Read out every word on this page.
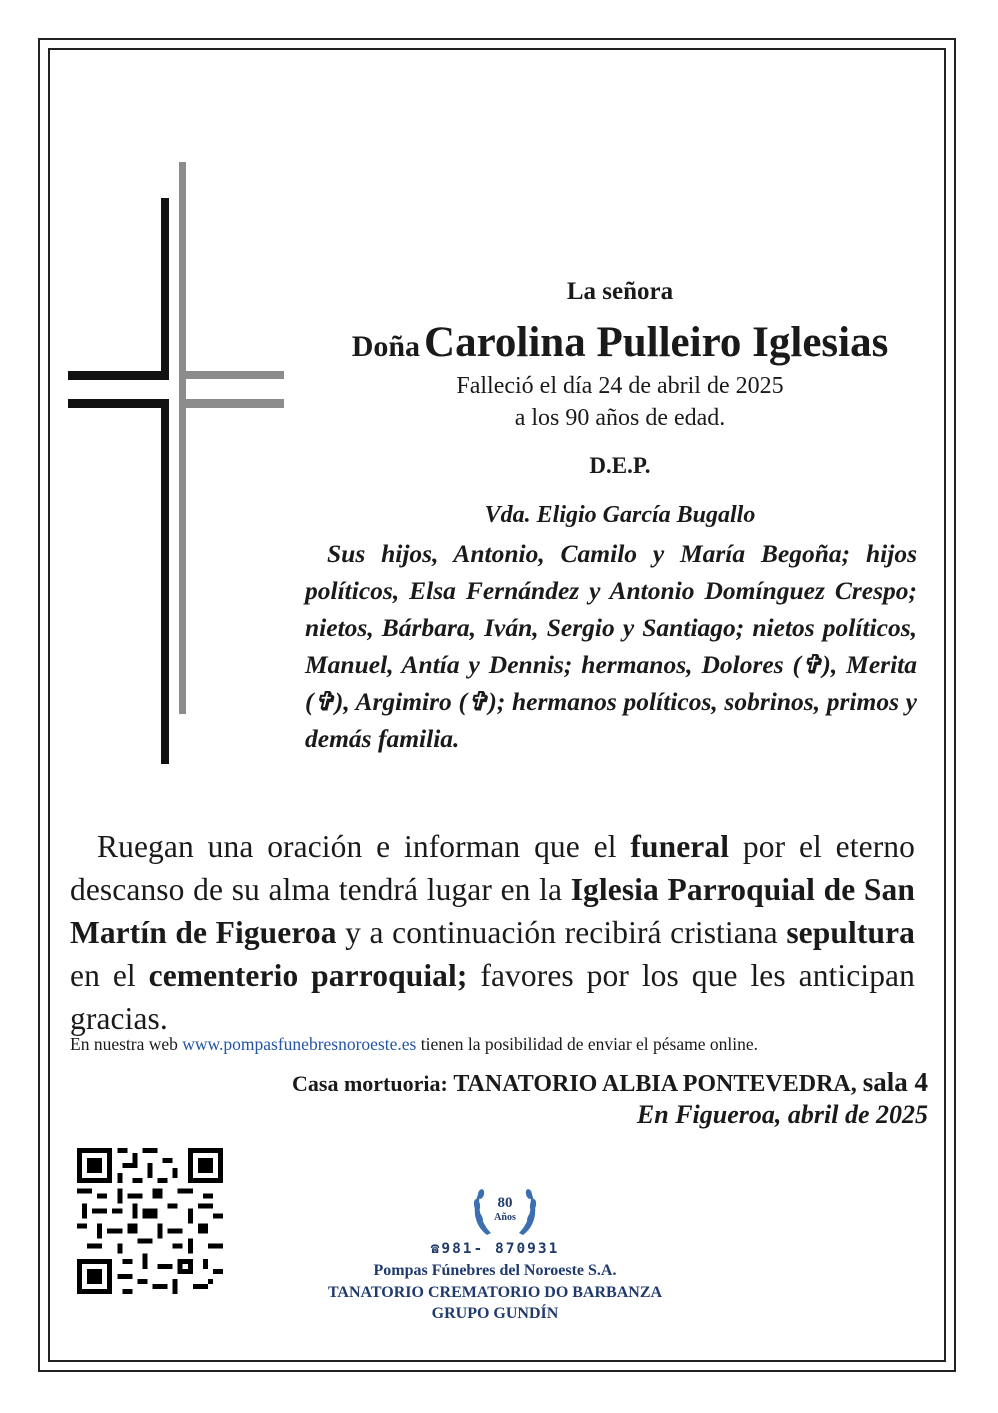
La señora
Doña Carolina Pulleiro Iglesias
Falleció el día 24 de abril de 2025
a los 90 años de edad.
D.E.P.
Vda. Eligio García Bugallo
Sus hijos, Antonio, Camilo y María Begoña; hijos políticos, Elsa Fernández y Antonio Domínguez Crespo; nietos, Bárbara, Iván, Sergio y Santiago; nietos políticos, Manuel, Antía y Dennis; hermanos, Dolores (✞), Merita (✞), Argimiro (✞); hermanos políticos, sobrinos, primos y demás familia.
Ruegan una oración e informan que el funeral por el eterno descanso de su alma tendrá lugar en la Iglesia Parroquial de San Martín de Figueroa y a continuación recibirá cristiana sepultura en el cementerio parroquial; favores por los que les anticipan gracias.
En nuestra web www.pompasfunebresnoroeste.es tienen la posibilidad de enviar el pésame online.
Casa mortuoria: TANATORIO ALBIA PONTEVEDRA, sala 4
En Figueroa, abril de 2025
80
Años
☎981- 870931
Pompas Fúnebres del Noroeste S.A.
TANATORIO CREMATORIO DO BARBANZA
GRUPO GUNDÍN
